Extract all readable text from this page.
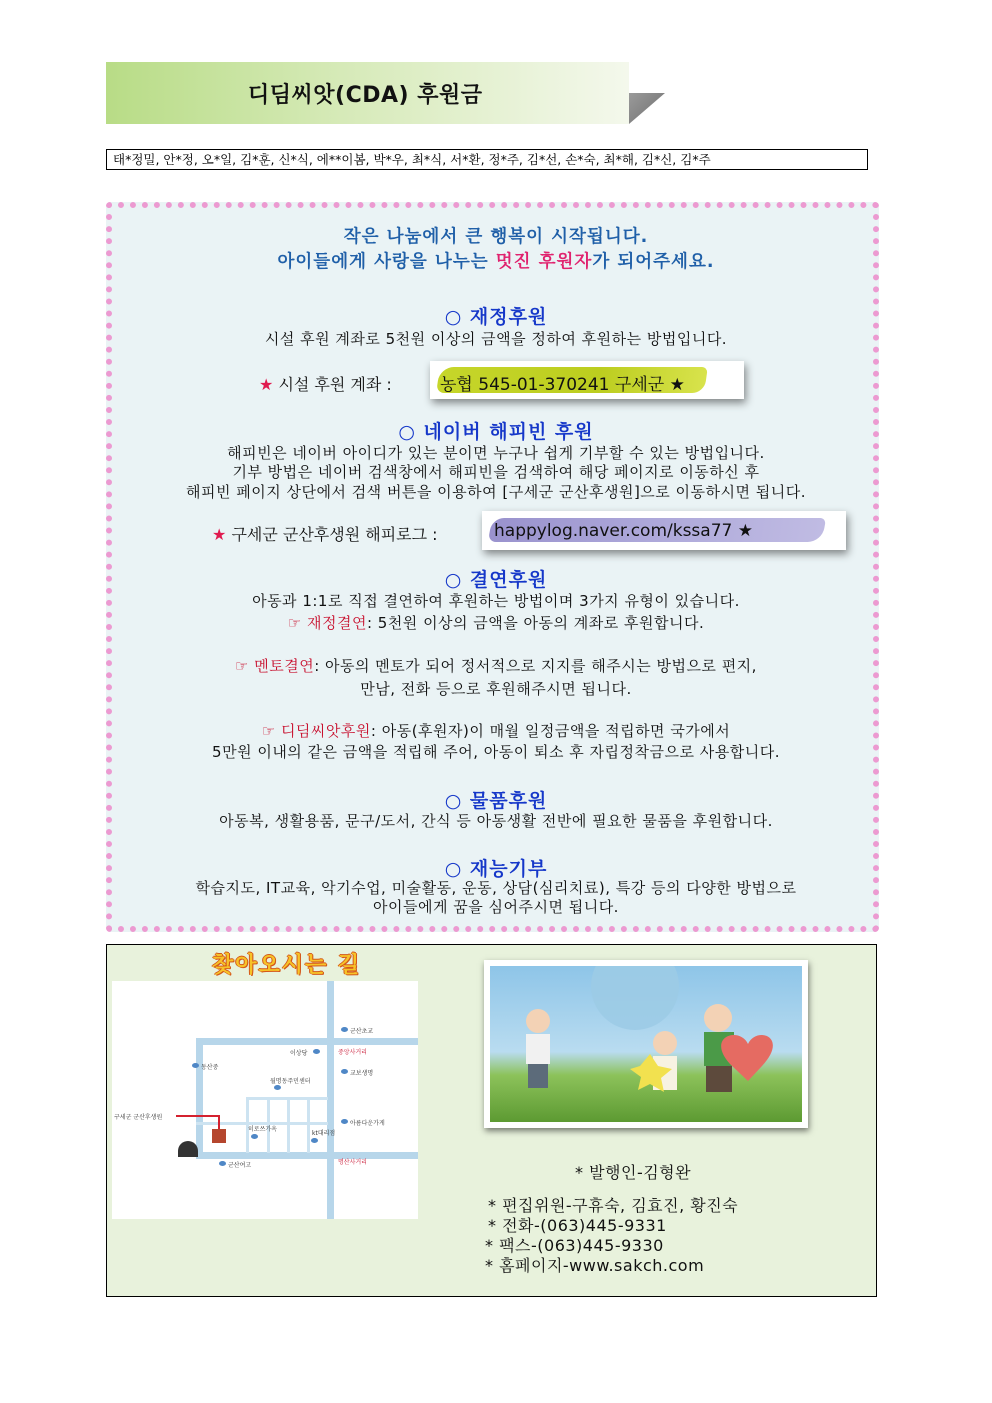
디딤씨앗(CDA) 후원금
태*정밀, 안*정, 오*일, 김*훈, 신*식, 에**이봄, 박*우, 최*식, 서*환, 정*주, 김*선, 손*숙, 최*해, 김*신, 김*주
작은 나눔에서 큰 행복이 시작됩니다.
아이들에게 사랑을 나누는 멋진 후원자가 되어주세요.
○ 재정후원
시설 후원 계좌로 5천원 이상의 금액을 정하여 후원하는 방법입니다.
★ 시설 후원 계좌 :	농협 545-01-370241 구세군 ★
○ 네이버 해피빈 후원
해피빈은 네이버 아이디가 있는 분이면 누구나 쉽게 기부할 수 있는 방법입니다.
기부 방법은 네이버 검색창에서 해피빈을 검색하여 해당 페이지로 이동하신 후
해피빈 페이지 상단에서 검색 버튼을 이용하여 [구세군 군산후생원]으로 이동하시면 됩니다.
★ 구세군 군산후생원 해피로그 :	happylog.naver.com/kssa77 ★
○ 결연후원
아동과 1:1로 직접 결연하여 후원하는 방법이며 3가지 유형이 있습니다.
☞ 재정결연: 5천원 이상의 금액을 아동의 계좌로 후원합니다.
☞ 멘토결연: 아동의 멘토가 되어 정서적으로 지지를 해주시는 방법으로 편지,
만남, 전화 등으로 후원해주시면 됩니다.
☞ 디딤씨앗후원: 아동(후원자)이 매월 일정금액을 적립하면 국가에서
5만원 이내의 같은 금액을 적립해 주어, 아동이 퇴소 후 자립정착금으로 사용합니다.
○ 물품후원
아동복, 생활용품, 문구/도서, 간식 등 아동생활 전반에 필요한 물품을 후원합니다.
○ 재능기부
학습지도, IT교육, 악기수업, 미술활동, 운동, 상담(심리치료), 특강 등의 다양한 방법으로
아이들에게 꿈을 심어주시면 됩니다.
찾아오시는 길
군산초교
이상당	중앙사거리
동산중
월명동주민센터
교보생명
구세군 군산후생원
히로쓰가옥
kt대리점
아름다운가게
군산여고	명산사거리
* 발행인-김형완
* 편집위원-구휴숙, 김효진, 황진숙
* 전화-(063)445-9331
* 팩스-(063)445-9330
* 홈페이지-www.sakch.com
